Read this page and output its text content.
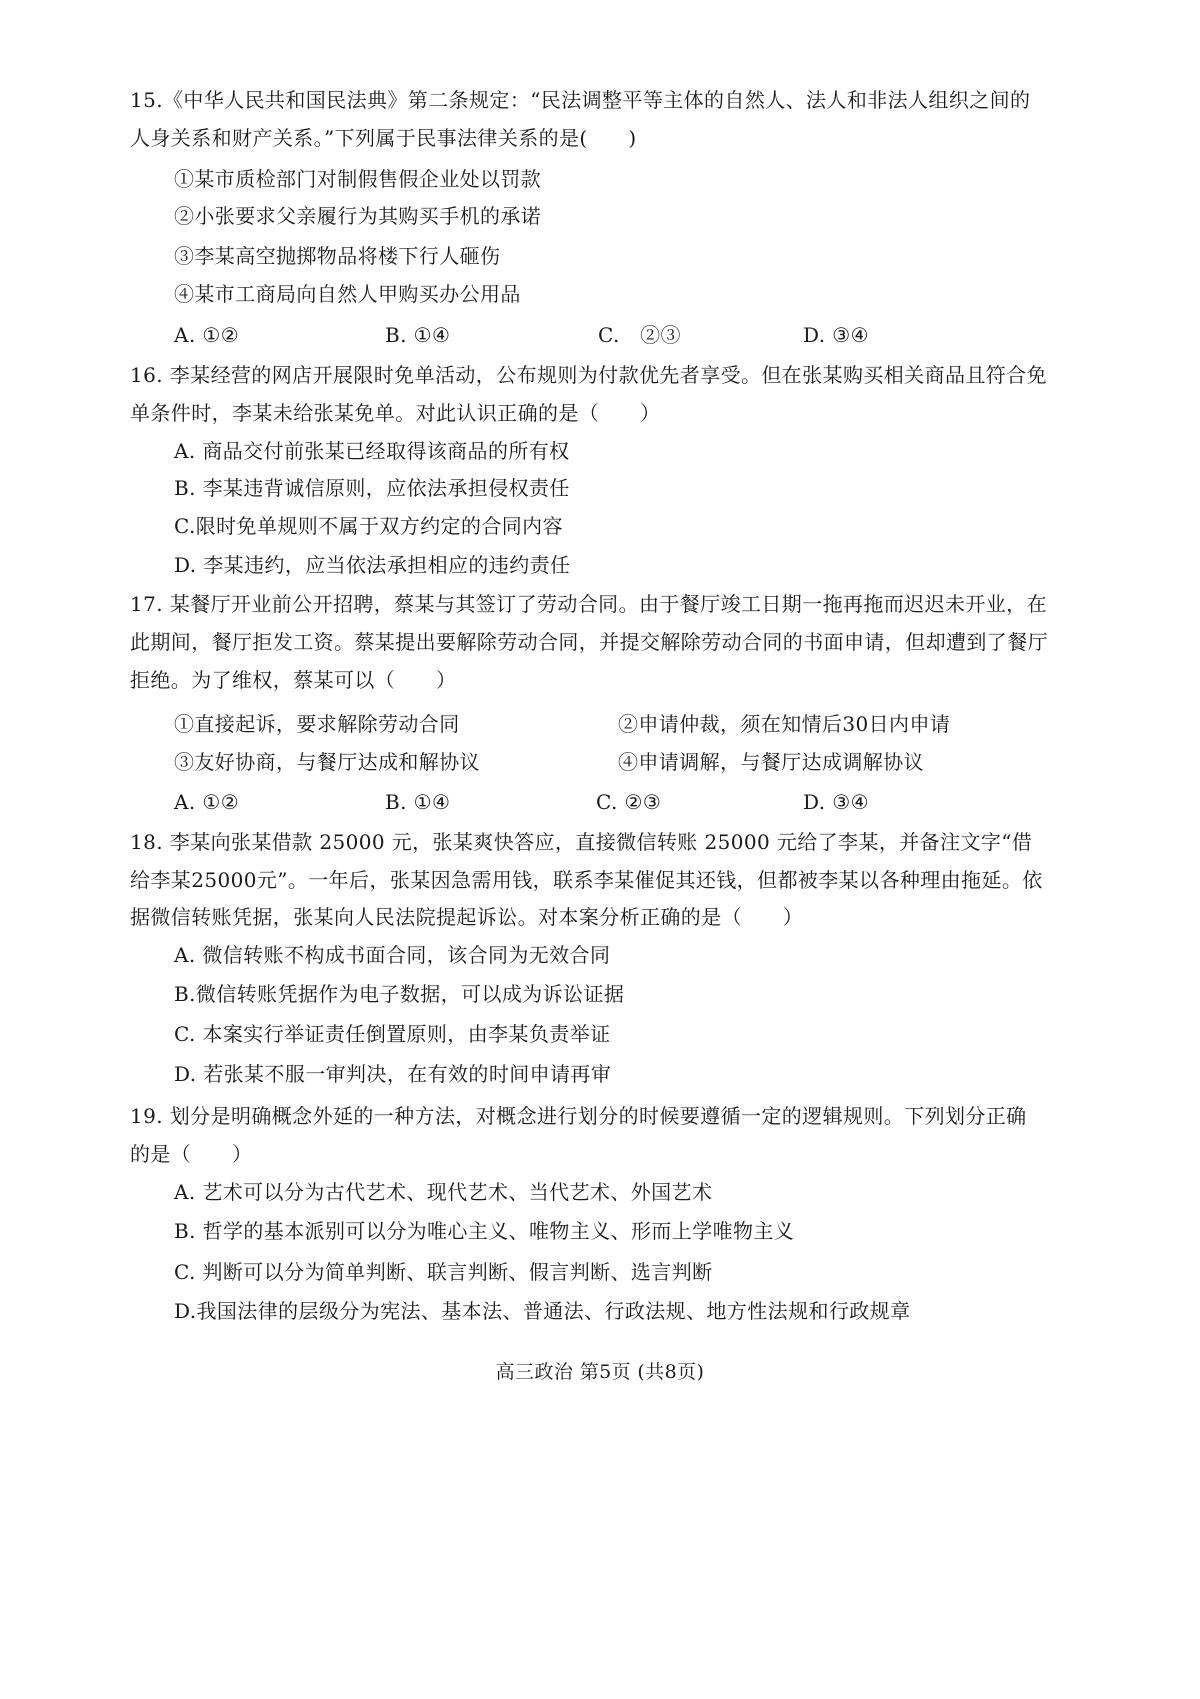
15.《中华人民共和国民法典》第二条规定：“民法调整平等主体的自然人、法人和非法人组织之间的
人身关系和财产关系。”下列属于民事法律关系的是(　　)
①某市质检部门对制假售假企业处以罚款
②小张要求父亲履行为其购买手机的承诺
③李某高空抛掷物品将楼下行人砸伤
④某市工商局向自然人甲购买办公用品
A. ①②	B. ①④	C.　②③	D. ③④
16. 李某经营的网店开展限时免单活动，公布规则为付款优先者享受。但在张某购买相关商品且符合免
单条件时，李某未给张某免单。对此认识正确的是（　　）
A. 商品交付前张某已经取得该商品的所有权
B. 李某违背诚信原则，应依法承担侵权责任
C.限时免单规则不属于双方约定的合同内容
D. 李某违约，应当依法承担相应的违约责任
17. 某餐厅开业前公开招聘，蔡某与其签订了劳动合同。由于餐厅竣工日期一拖再拖而迟迟未开业，在
此期间，餐厅拒发工资。蔡某提出要解除劳动合同，并提交解除劳动合同的书面申请，但却遭到了餐厅
拒绝。为了维权，蔡某可以（　　）
①直接起诉，要求解除劳动合同	②申请仲裁，须在知情后30日内申请
③友好协商，与餐厅达成和解协议	④申请调解，与餐厅达成调解协议
A. ①②	B. ①④	C. ②③	D. ③④
18. 李某向张某借款 25000 元，张某爽快答应，直接微信转账 25000 元给了李某，并备注文字“借
给李某25000元”。一年后，张某因急需用钱，联系李某催促其还钱，但都被李某以各种理由拖延。依
据微信转账凭据，张某向人民法院提起诉讼。对本案分析正确的是（　　）
A. 微信转账不构成书面合同，该合同为无效合同
B.微信转账凭据作为电子数据，可以成为诉讼证据
C. 本案实行举证责任倒置原则，由李某负责举证
D. 若张某不服一审判决，在有效的时间申请再审
19. 划分是明确概念外延的一种方法，对概念进行划分的时候要遵循一定的逻辑规则。下列划分正确
的是（　　）
A. 艺术可以分为古代艺术、现代艺术、当代艺术、外国艺术
B. 哲学的基本派别可以分为唯心主义、唯物主义、形而上学唯物主义
C. 判断可以分为简单判断、联言判断、假言判断、选言判断
D.我国法律的层级分为宪法、基本法、普通法、行政法规、地方性法规和行政规章
高三政治 第5页 (共8页)
